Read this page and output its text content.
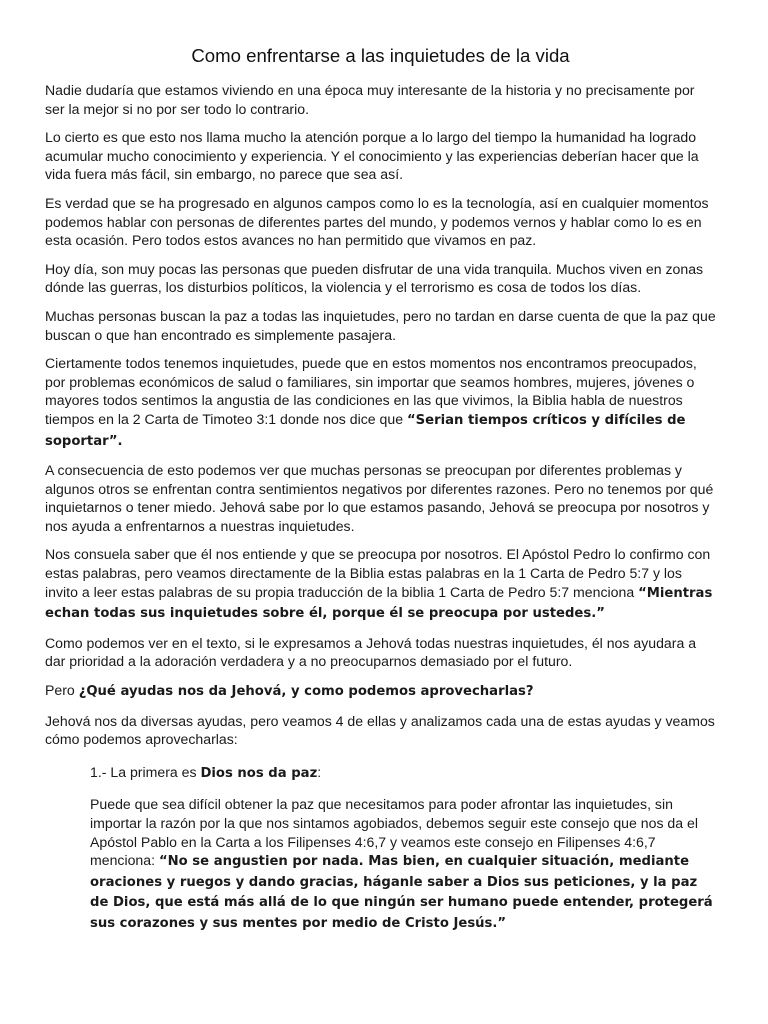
Como enfrentarse a las inquietudes de la vida

Nadie dudaría que estamos viviendo en una época muy interesante de la historia y no precisamente por ser la mejor si no por ser todo lo contrario.

Lo cierto es que esto nos llama mucho la atención porque a lo largo del tiempo la humanidad ha logrado acumular mucho conocimiento y experiencia. Y el conocimiento y las experiencias deberían hacer que la vida fuera más fácil, sin embargo, no parece que sea así.

Es verdad que se ha progresado en algunos campos como lo es la tecnología, así en cualquier momentos podemos hablar con personas de diferentes partes del mundo, y podemos vernos y hablar como lo es en esta ocasión. Pero todos estos avances no han permitido que vivamos en paz.

Hoy día, son muy pocas las personas que pueden disfrutar de una vida tranquila. Muchos viven en zonas dónde las guerras, los disturbios políticos, la violencia y el terrorismo es cosa de todos los días.

Muchas personas buscan la paz a todas las inquietudes, pero no tardan en darse cuenta de que la paz que buscan o que han encontrado es simplemente pasajera.

Ciertamente todos tenemos inquietudes, puede que en estos momentos nos encontramos preocupados, por problemas económicos de salud o familiares, sin importar que seamos hombres, mujeres, jóvenes o mayores todos sentimos la angustia de las condiciones en las que vivimos, la Biblia habla de nuestros tiempos en la 2 Carta de Timoteo 3:1 donde nos dice que “Serian tiempos críticos y difíciles de soportar”.

A consecuencia de esto podemos ver que muchas personas se preocupan por diferentes problemas y algunos otros se enfrentan contra sentimientos negativos por diferentes razones. Pero no tenemos por qué inquietarnos o tener miedo. Jehová sabe por lo que estamos pasando, Jehová se preocupa por nosotros y nos ayuda a enfrentarnos a nuestras inquietudes.

Nos consuela saber que él nos entiende y que se preocupa por nosotros. El Apóstol Pedro lo confirmo con estas palabras, pero veamos directamente de la Biblia estas palabras en la 1 Carta de Pedro 5:7 y los invito a leer estas palabras de su propia traducción de la biblia 1 Carta de Pedro 5:7 menciona “Mientras echan todas sus inquietudes sobre él, porque él se preocupa por ustedes.”

Como podemos ver en el texto, si le expresamos a Jehová todas nuestras inquietudes, él nos ayudara a dar prioridad a la adoración verdadera y a no preocuparnos demasiado por el futuro.

Pero ¿Qué ayudas nos da Jehová, y como podemos aprovecharlas?

Jehová nos da diversas ayudas, pero veamos 4 de ellas y analizamos cada una de estas ayudas y veamos cómo podemos aprovecharlas:

1.- La primera es Dios nos da paz:

Puede que sea difícil obtener la paz que necesitamos para poder afrontar las inquietudes, sin importar la razón por la que nos sintamos agobiados, debemos seguir este consejo que nos da el Apóstol Pablo en la Carta a los Filipenses 4:6,7 y veamos este consejo en Filipenses 4:6,7 menciona: “No se angustien por nada. Mas bien, en cualquier situación, mediante oraciones y ruegos y dando gracias, háganle saber a Dios sus peticiones, y la paz de Dios, que está más allá de lo que ningún ser humano puede entender, protegerá sus corazones y sus mentes por medio de Cristo Jesús.”
